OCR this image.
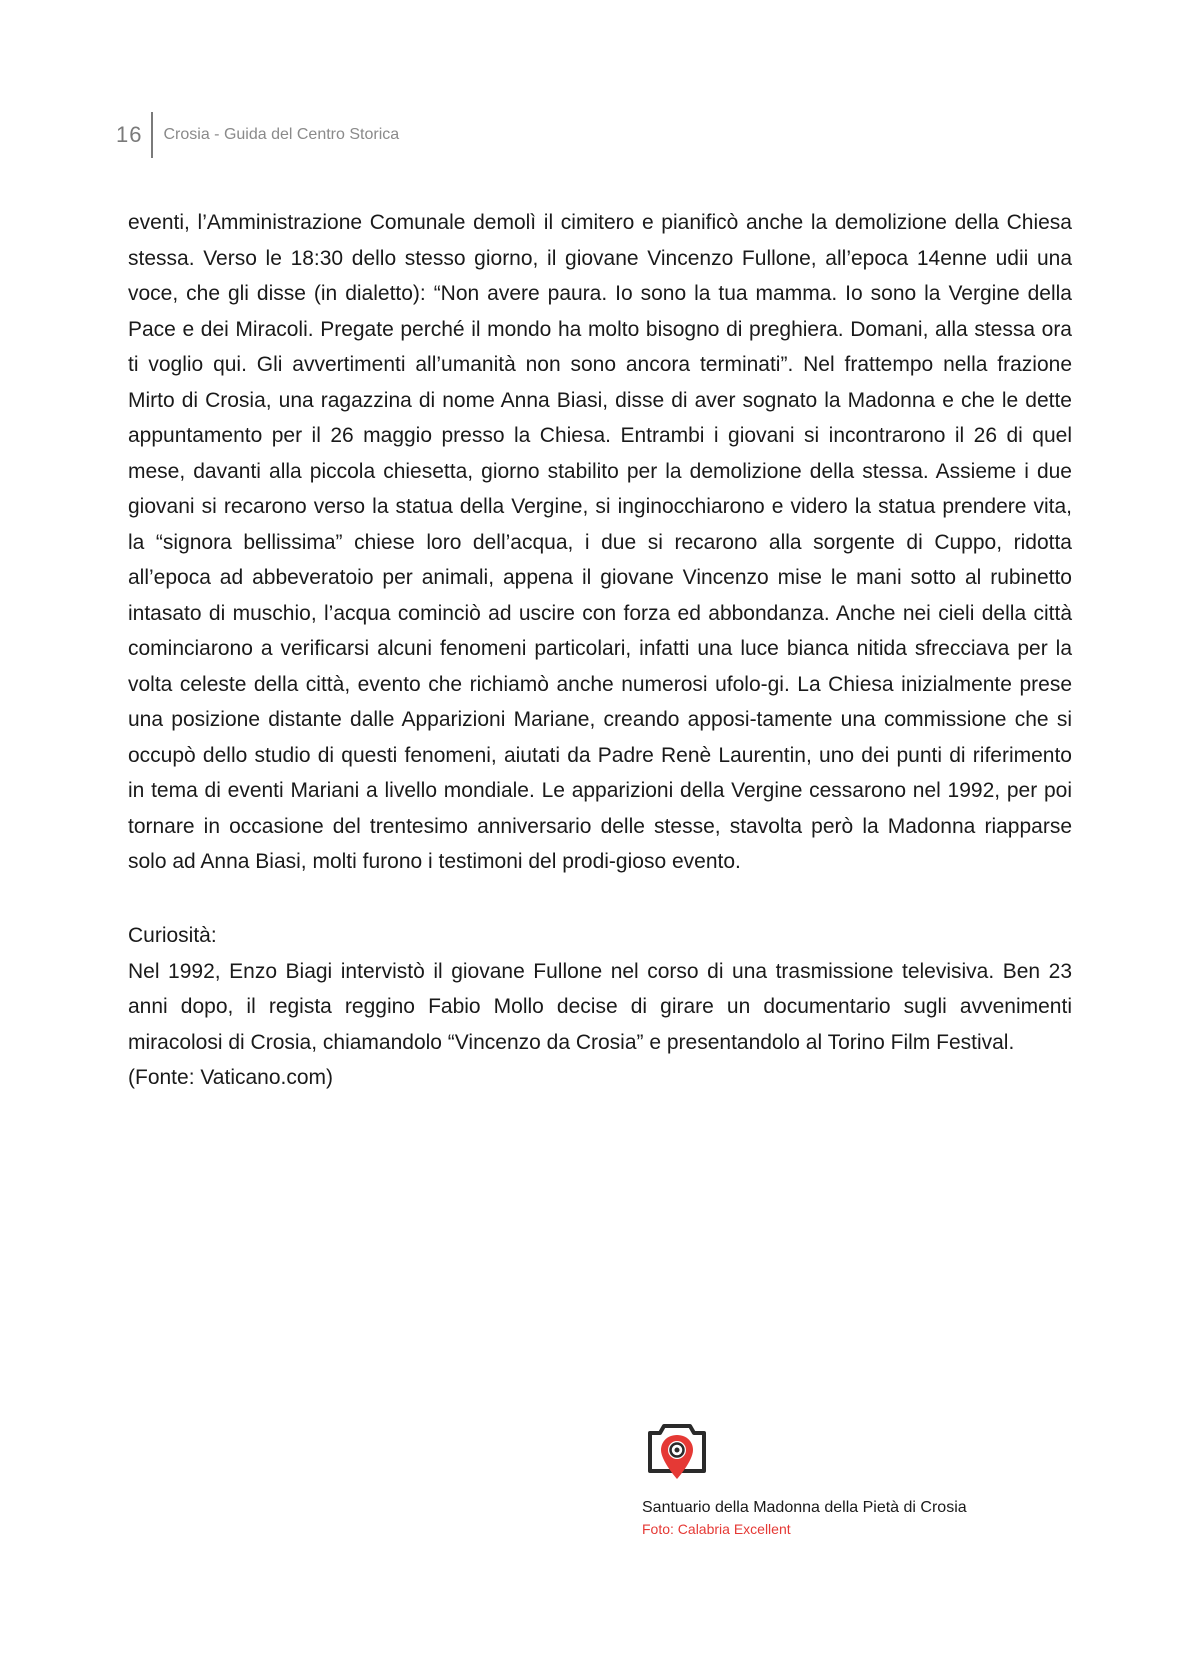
16	Crosia - Guida del Centro Storica

eventi, l’Amministrazione Comunale demolì il cimitero e pianificò anche la demolizione della Chiesa stessa. Verso le 18:30 dello stesso giorno, il giovane Vincenzo Fullone, all’epoca 14enne udii una voce, che gli disse (in dialetto): “Non avere paura. Io sono la tua mamma. Io sono la Vergine della Pace e dei Miracoli. Pregate perché il mondo ha molto bisogno di preghiera. Domani, alla stessa ora ti voglio qui. Gli avvertimenti all’umanità non sono ancora terminati”. Nel frattempo nella frazione Mirto di Crosia, una ragazzina di nome Anna Biasi, disse di aver sognato la Madonna e che le dette appuntamento per il 26 maggio presso la Chiesa. Entrambi i giovani si incontrarono il 26 di quel mese, davanti alla piccola chiesetta, giorno stabilito per la demolizione della stessa. Assieme i due giovani si recarono verso la statua della Vergine, si inginocchiarono e videro la statua prendere vita, la “signora bellissima” chiese loro dell’acqua, i due si recarono alla sorgente di Cuppo, ridotta all’epoca ad abbeveratoio per animali, appena il giovane Vincenzo mise le mani sotto al rubinetto intasato di muschio, l’acqua cominciò ad uscire con forza ed abbondanza. Anche nei cieli della città cominciarono a verificarsi alcuni fenomeni particolari, infatti una luce bianca nitida sfrecciava per la volta celeste della città, evento che richiamò anche numerosi ufolo-gi. La Chiesa inizialmente prese una posizione distante dalle Apparizioni Mariane, creando apposi-tamente una commissione che si occupò dello studio di questi fenomeni, aiutati da Padre Renè Laurentin, uno dei punti di riferimento in tema di eventi Mariani a livello mondiale. Le apparizioni della Vergine cessarono nel 1992, per poi tornare in occasione del trentesimo anniversario delle stesse, stavolta però la Madonna riapparse solo ad Anna Biasi, molti furono i testimoni del prodi-gioso evento.

Curiosità:
Nel 1992, Enzo Biagi intervistò il giovane Fullone nel corso di una trasmissione televisiva. Ben 23 anni dopo, il regista reggino Fabio Mollo decise di girare un documentario sugli avvenimenti miracolosi di Crosia, chiamandolo “Vincenzo da Crosia” e presentandolo al Torino Film Festival.
(Fonte: Vaticano.com)

Santuario della Madonna della Pietà di Crosia
Foto: Calabria Excellent
